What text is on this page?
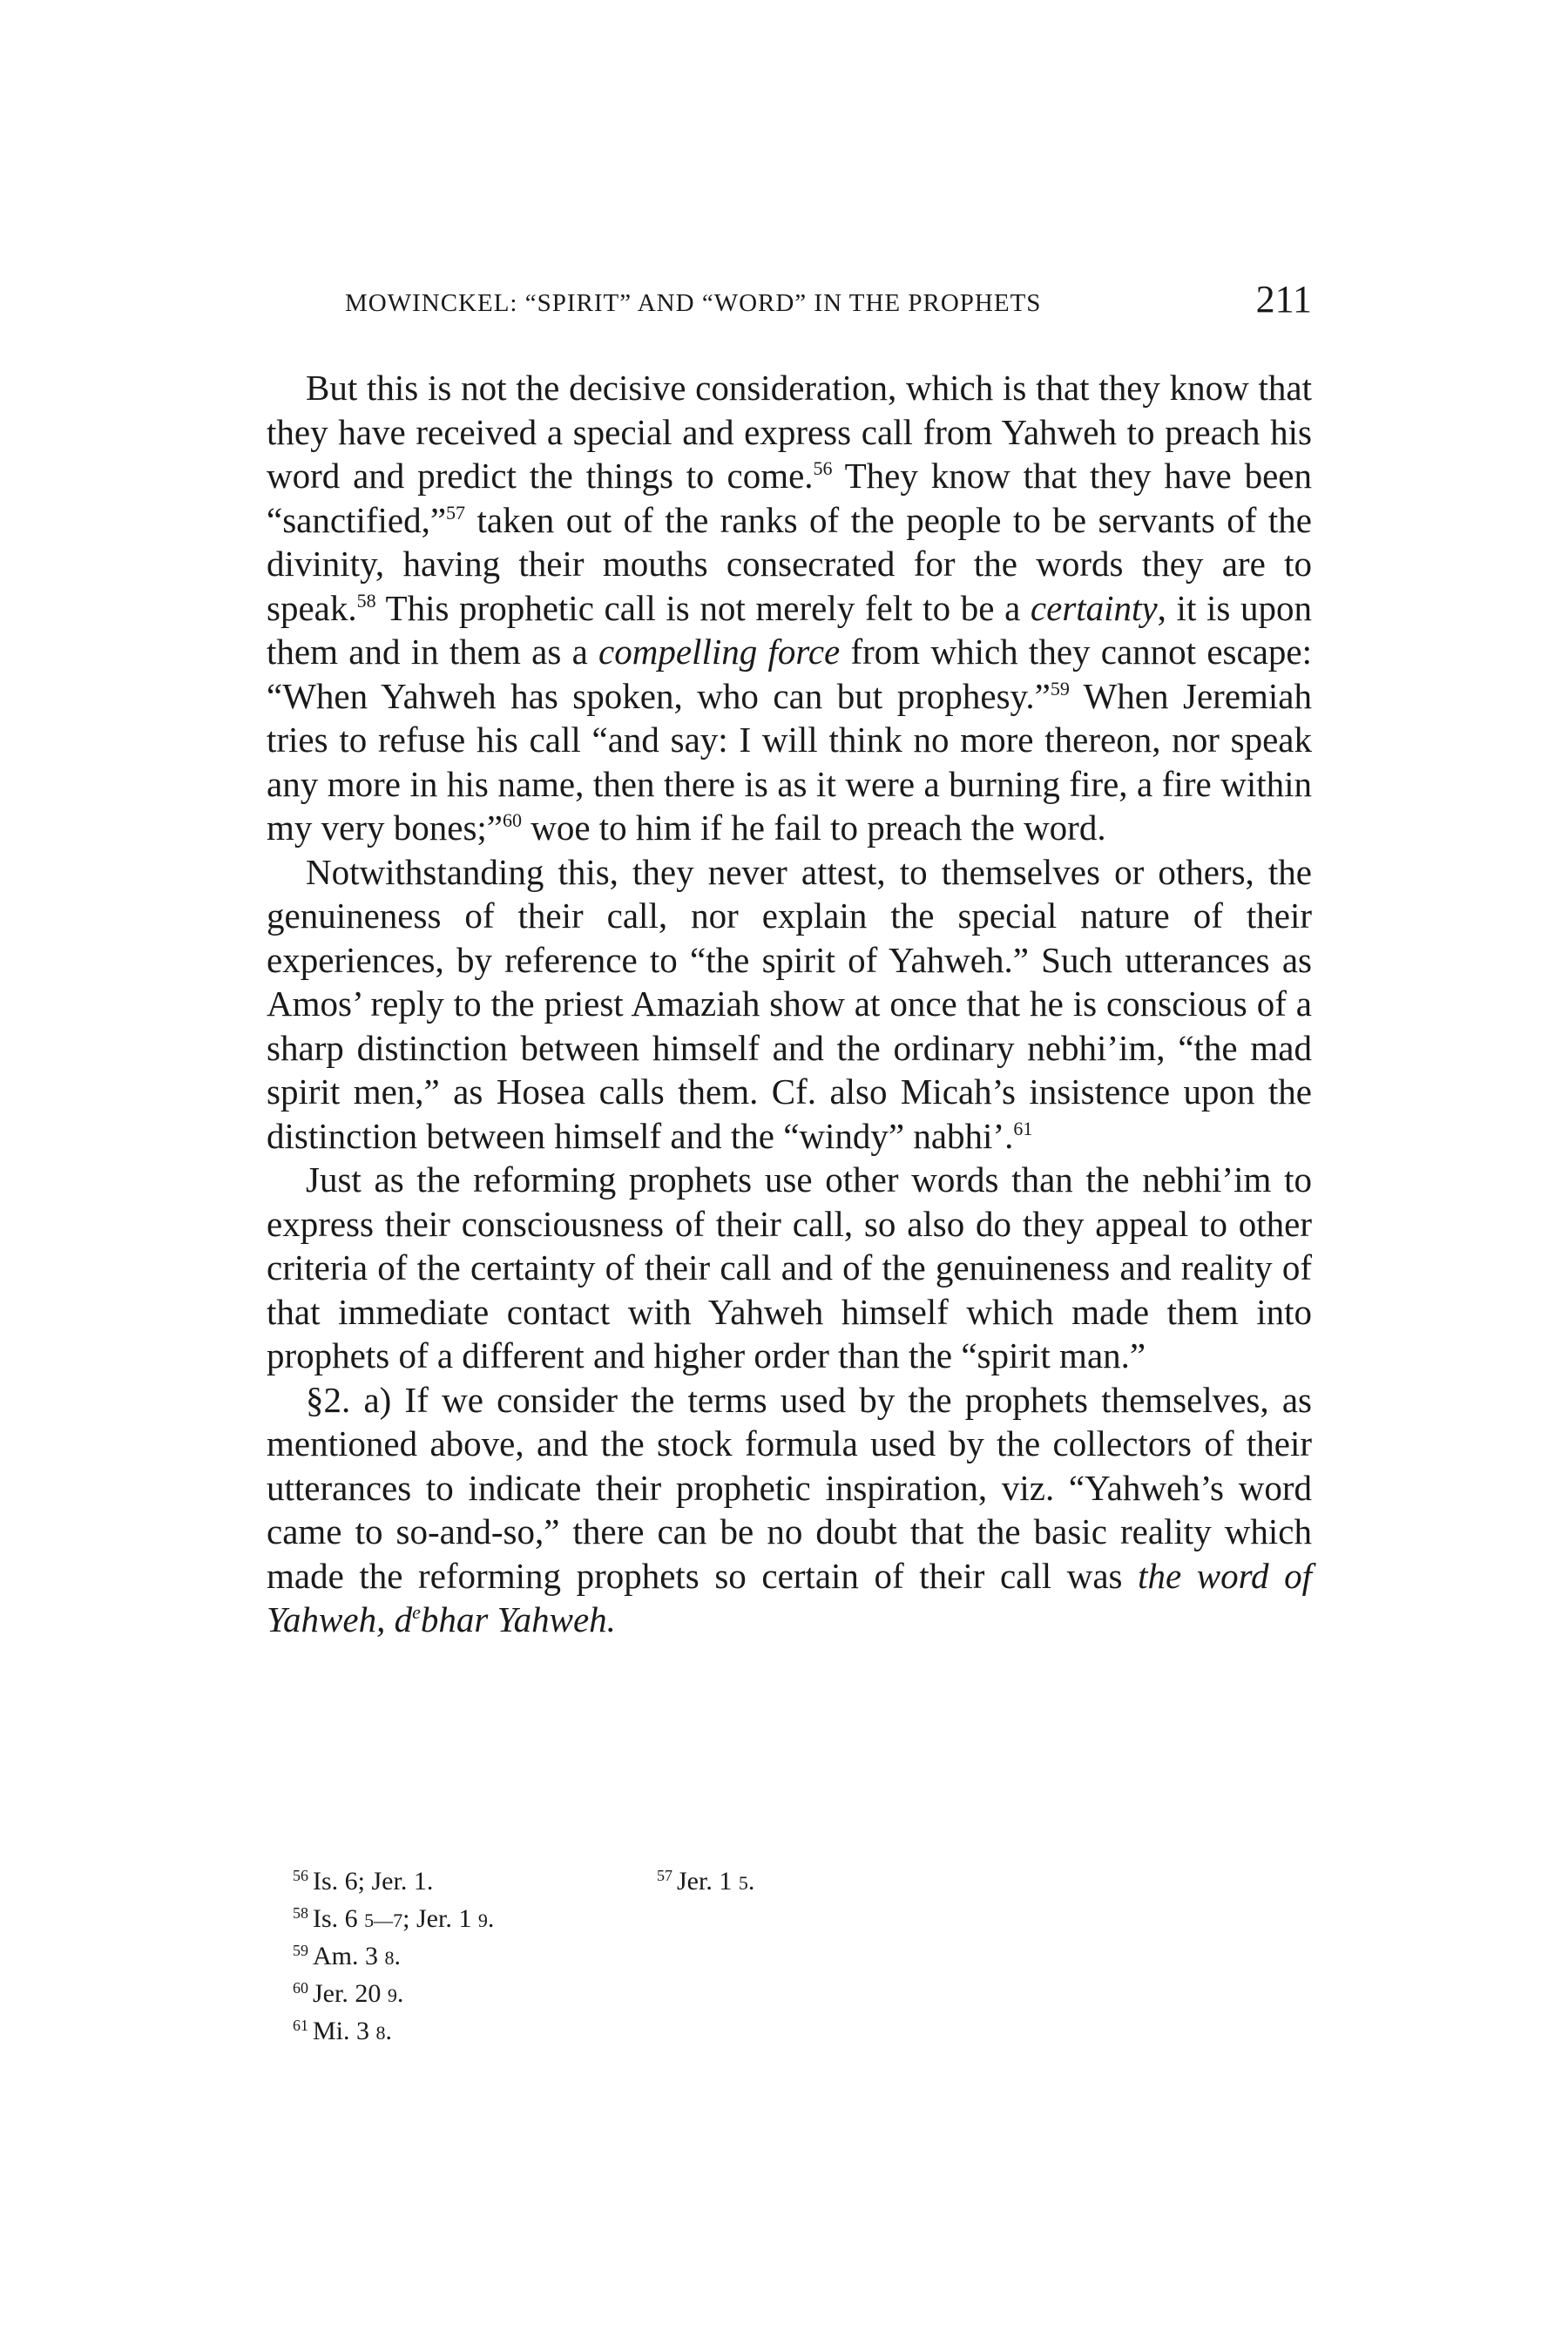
MOWINCKEL: “SPIRIT” AND “WORD” IN THE PROPHETS	211

But this is not the decisive consideration, which is that they know that they have received a special and express call from Yahweh to preach his word and predict the things to come.$^{56}$ They know that they have been “sanctified,”$^{57}$ taken out of the ranks of the people to be servants of the divinity, having their mouths consecrated for the words they are to speak.$^{58}$ This prophetic call is not merely felt to be a certainty, it is upon them and in them as a compelling force from which they cannot escape: “When Yahweh has spoken, who can but prophesy.”$^{59}$ When Jeremiah tries to refuse his call “and say: I will think no more thereon, nor speak any more in his name, then there is as it were a burning fire, a fire within my very bones;”$^{60}$ woe to him if he fail to preach the word.

Notwithstanding this, they never attest, to themselves or others, the genuineness of their call, nor explain the special nature of their experiences, by reference to “the spirit of Yahweh.” Such utterances as Amos’ reply to the priest Amaziah show at once that he is conscious of a sharp distinction between himself and the ordinary nebhi’im, “the mad spirit men,” as Hosea calls them. Cf. also Micah’s insistence upon the distinction between himself and the “windy” nabhi’.$^{61}$

Just as the reforming prophets use other words than the nebhi’im to express their consciousness of their call, so also do they appeal to other criteria of the certainty of their call and of the genuineness and reality of that immediate contact with Yahweh himself which made them into prophets of a different and higher order than the “spirit man.”

§2. a) If we consider the terms used by the prophets themselves, as mentioned above, and the stock formula used by the collectors of their utterances to indicate their prophetic inspiration, viz. “Yahweh’s word came to so-and-so,” there can be no doubt that the basic reality which made the reforming prophets so certain of their call was the word of Yahweh, d$^e$bhar Yahweh.

$^{56}$ Is. 6; Jer. 1.	$^{57}$ Jer. 1 5.
$^{58}$ Is. 6 5—7; Jer. 1 9.
$^{59}$ Am. 3 8.
$^{60}$ Jer. 20 9.
$^{61}$ Mi. 3 8.
